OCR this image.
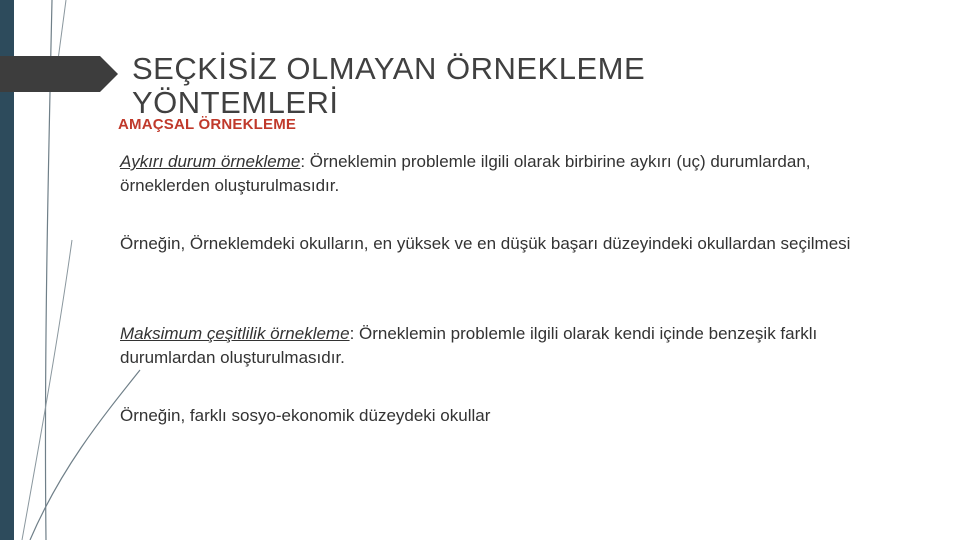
SEÇKİSİZ OLMAYAN ÖRNEKLEME YÖNTEMLERİ
AMAÇSAL ÖRNEKLEME

Aykırı durum örnekleme: Örneklemin problemle ilgili olarak birbirine aykırı (uç) durumlardan, örneklerden oluşturulmasıdır.

Örneğin, Örneklemdeki okulların, en yüksek ve en düşük başarı düzeyindeki okullardan seçilmesi

Maksimum çeşitlilik örnekleme: Örneklemin problemle ilgili olarak kendi içinde benzeşik farklı durumlardan oluşturulmasıdır.

Örneğin, farklı sosyo-ekonomik düzeydeki okullar
